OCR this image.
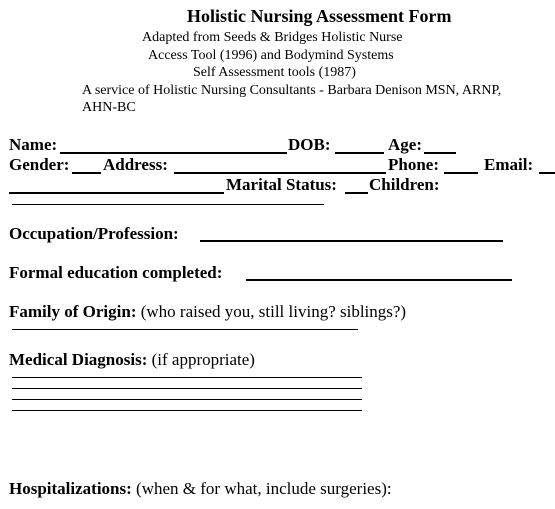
Holistic Nursing Assessment Form
Adapted from Seeds & Bridges Holistic Nurse
Access Tool (1996) and Bodymind Systems
Self Assessment tools (1987)
A service of Holistic Nursing Consultants - Barbara Denison MSN, ARNP,
AHN-BC
Name:	DOB:	Age:
Gender: Address:	Phone:	Email:
Marital Status: Children:
Occupation/Profession:
Formal education completed:
Family of Origin: (who raised you, still living? siblings?)
Medical Diagnosis: (if appropriate)
Hospitalizations: (when & for what, include surgeries):
